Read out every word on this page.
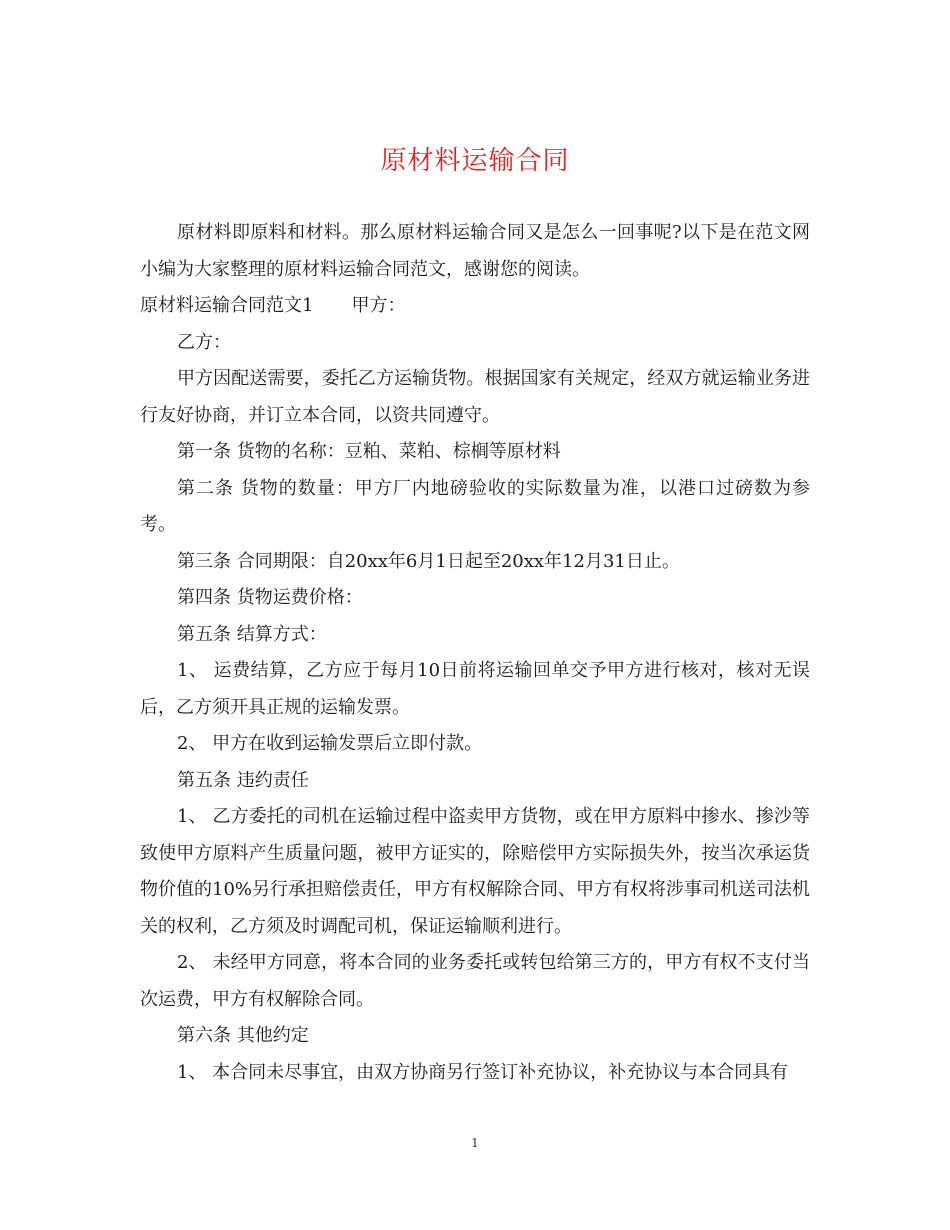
原材料运输合同

原材料即原料和材料。那么原材料运输合同又是怎么一回事呢?以下是在范文网小编为大家整理的原材料运输合同范文，感谢您的阅读。

原材料运输合同范文1 甲方：

乙方：

甲方因配送需要，委托乙方运输货物。根据国家有关规定，经双方就运输业务进行友好协商，并订立本合同，以资共同遵守。

第一条 货物的名称：豆粕、菜粕、棕榈等原材料

第二条 货物的数量：甲方厂内地磅验收的实际数量为准，以港口过磅数为参考。

第三条 合同期限：自20xx年6月1日起至20xx年12月31日止。

第四条 货物运费价格：

第五条 结算方式：

1、 运费结算，乙方应于每月10日前将运输回单交予甲方进行核对，核对无误后，乙方须开具正规的运输发票。

2、 甲方在收到运输发票后立即付款。

第五条 违约责任

1、 乙方委托的司机在运输过程中盗卖甲方货物，或在甲方原料中掺水、掺沙等致使甲方原料产生质量问题，被甲方证实的，除赔偿甲方实际损失外，按当次承运货物价值的10%另行承担赔偿责任，甲方有权解除合同、甲方有权将涉事司机送司法机关的权利，乙方须及时调配司机，保证运输顺利进行。

2、 未经甲方同意，将本合同的业务委托或转包给第三方的，甲方有权不支付当次运费，甲方有权解除合同。

第六条 其他约定

1、 本合同未尽事宜，由双方协商另行签订补充协议，补充协议与本合同具有

1
